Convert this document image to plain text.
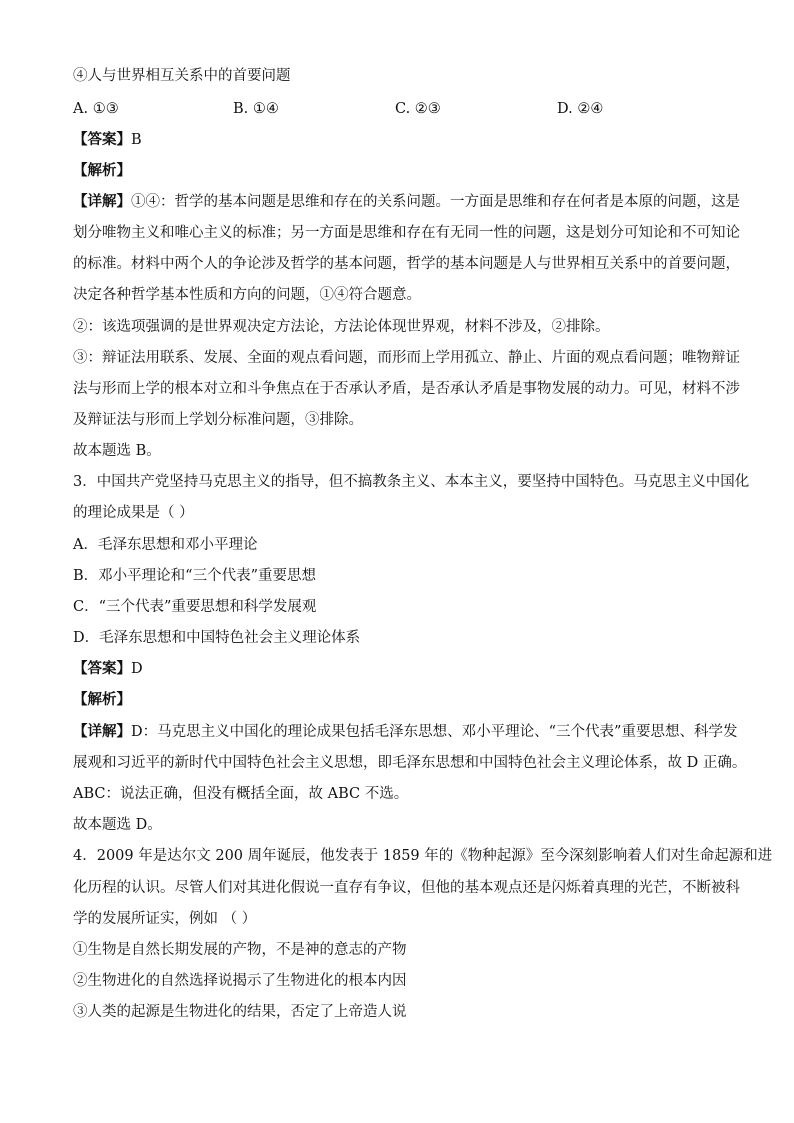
④人与世界相互关系中的首要问题
A. ①③	B. ①④	C. ②③	D. ②④
【答案】B
【解析】
【详解】①④：哲学的基本问题是思维和存在的关系问题。一方面是思维和存在何者是本原的问题，这是
划分唯物主义和唯心主义的标准；另一方面是思维和存在有无同一性的问题，这是划分可知论和不可知论
的标准。材料中两个人的争论涉及哲学的基本问题，哲学的基本问题是人与世界相互关系中的首要问题，
决定各种哲学基本性质和方向的问题，①④符合题意。
②：该选项强调的是世界观决定方法论，方法论体现世界观，材料不涉及，②排除。
③：辩证法用联系、发展、全面的观点看问题，而形而上学用孤立、静止、片面的观点看问题；唯物辩证
法与形而上学的根本对立和斗争焦点在于否承认矛盾，是否承认矛盾是事物发展的动力。可见，材料不涉
及辩证法与形而上学划分标准问题，③排除。
故本题选 B。
3．中国共产党坚持马克思主义的指导，但不搞教条主义、本本主义，要坚持中国特色。马克思主义中国化
的理论成果是（ ）
A．毛泽东思想和邓小平理论
B．邓小平理论和“三个代表”重要思想
C．“三个代表”重要思想和科学发展观
D．毛泽东思想和中国特色社会主义理论体系
【答案】D
【解析】
【详解】D：马克思主义中国化的理论成果包括毛泽东思想、邓小平理论、“三个代表”重要思想、科学发
展观和习近平的新时代中国特色社会主义思想，即毛泽东思想和中国特色社会主义理论体系，故 D 正确。
ABC：说法正确，但没有概括全面，故 ABC 不选。
故本题选 D。
4．2009 年是达尔文 200 周年诞辰，他发表于 1859 年的《物种起源》至今深刻影响着人们对生命起源和进
化历程的认识。尽管人们对其进化假说一直存有争议，但他的基本观点还是闪烁着真理的光芒，不断被科
学的发展所证实，例如 （ ）
①生物是自然长期发展的产物，不是神的意志的产物
②生物进化的自然选择说揭示了生物进化的根本内因
③人类的起源是生物进化的结果，否定了上帝造人说
